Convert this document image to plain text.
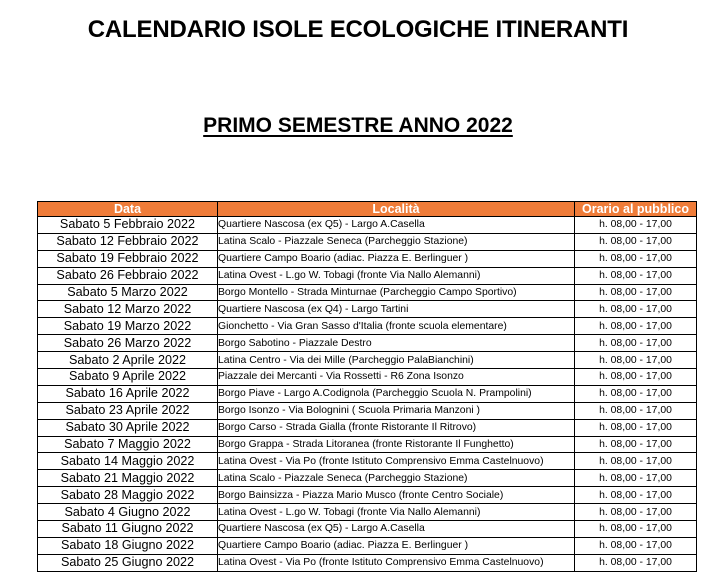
CALENDARIO ISOLE ECOLOGICHE ITINERANTI
PRIMO SEMESTRE ANNO 2022
Data	Località	Orario al pubblico
Sabato 5 Febbraio 2022	Quartiere Nascosa (ex Q5) - Largo A.Casella	h. 08,00 - 17,00
Sabato 12 Febbraio 2022	Latina Scalo - Piazzale Seneca (Parcheggio Stazione)	h. 08,00 - 17,00
Sabato 19 Febbraio 2022	Quartiere Campo Boario (adiac. Piazza E. Berlinguer )	h. 08,00 - 17,00
Sabato 26 Febbraio 2022	Latina Ovest - L.go W. Tobagi (fronte Via Nallo Alemanni)	h. 08,00 - 17,00
Sabato 5 Marzo 2022	Borgo Montello - Strada Minturnae (Parcheggio Campo Sportivo)	h. 08,00 - 17,00
Sabato 12 Marzo 2022	Quartiere Nascosa (ex Q4) - Largo Tartini	h. 08,00 - 17,00
Sabato 19 Marzo 2022	Gionchetto - Via Gran Sasso d'Italia (fronte scuola elementare)	h. 08,00 - 17,00
Sabato 26 Marzo 2022	Borgo Sabotino - Piazzale Destro	h. 08,00 - 17,00
Sabato 2 Aprile 2022	Latina Centro - Via dei Mille (Parcheggio PalaBianchini)	h. 08,00 - 17,00
Sabato 9 Aprile 2022	Piazzale dei Mercanti - Via Rossetti - R6 Zona Isonzo	h. 08,00 - 17,00
Sabato 16 Aprile 2022	Borgo Piave - Largo A.Codignola (Parcheggio Scuola N. Prampolini)	h. 08,00 - 17,00
Sabato 23 Aprile 2022	Borgo Isonzo - Via Bolognini ( Scuola Primaria Manzoni )	h. 08,00 - 17,00
Sabato 30 Aprile 2022	Borgo Carso - Strada Gialla (fronte Ristorante Il Ritrovo)	h. 08,00 - 17,00
Sabato 7 Maggio 2022	Borgo Grappa - Strada Litoranea (fronte Ristorante Il Funghetto)	h. 08,00 - 17,00
Sabato 14 Maggio 2022	Latina Ovest - Via Po (fronte Istituto Comprensivo Emma Castelnuovo)	h. 08,00 - 17,00
Sabato 21 Maggio 2022	Latina Scalo - Piazzale Seneca (Parcheggio Stazione)	h. 08,00 - 17,00
Sabato 28 Maggio 2022	Borgo Bainsizza - Piazza Mario Musco (fronte Centro Sociale)	h. 08,00 - 17,00
Sabato 4 Giugno 2022	Latina Ovest - L.go W. Tobagi (fronte Via Nallo Alemanni)	h. 08,00 - 17,00
Sabato 11 Giugno 2022	Quartiere Nascosa (ex Q5) - Largo A.Casella	h. 08,00 - 17,00
Sabato 18 Giugno 2022	Quartiere Campo Boario (adiac. Piazza E. Berlinguer )	h. 08,00 - 17,00
Sabato 25 Giugno 2022	Latina Ovest - Via Po (fronte Istituto Comprensivo Emma Castelnuovo)	h. 08,00 - 17,00
